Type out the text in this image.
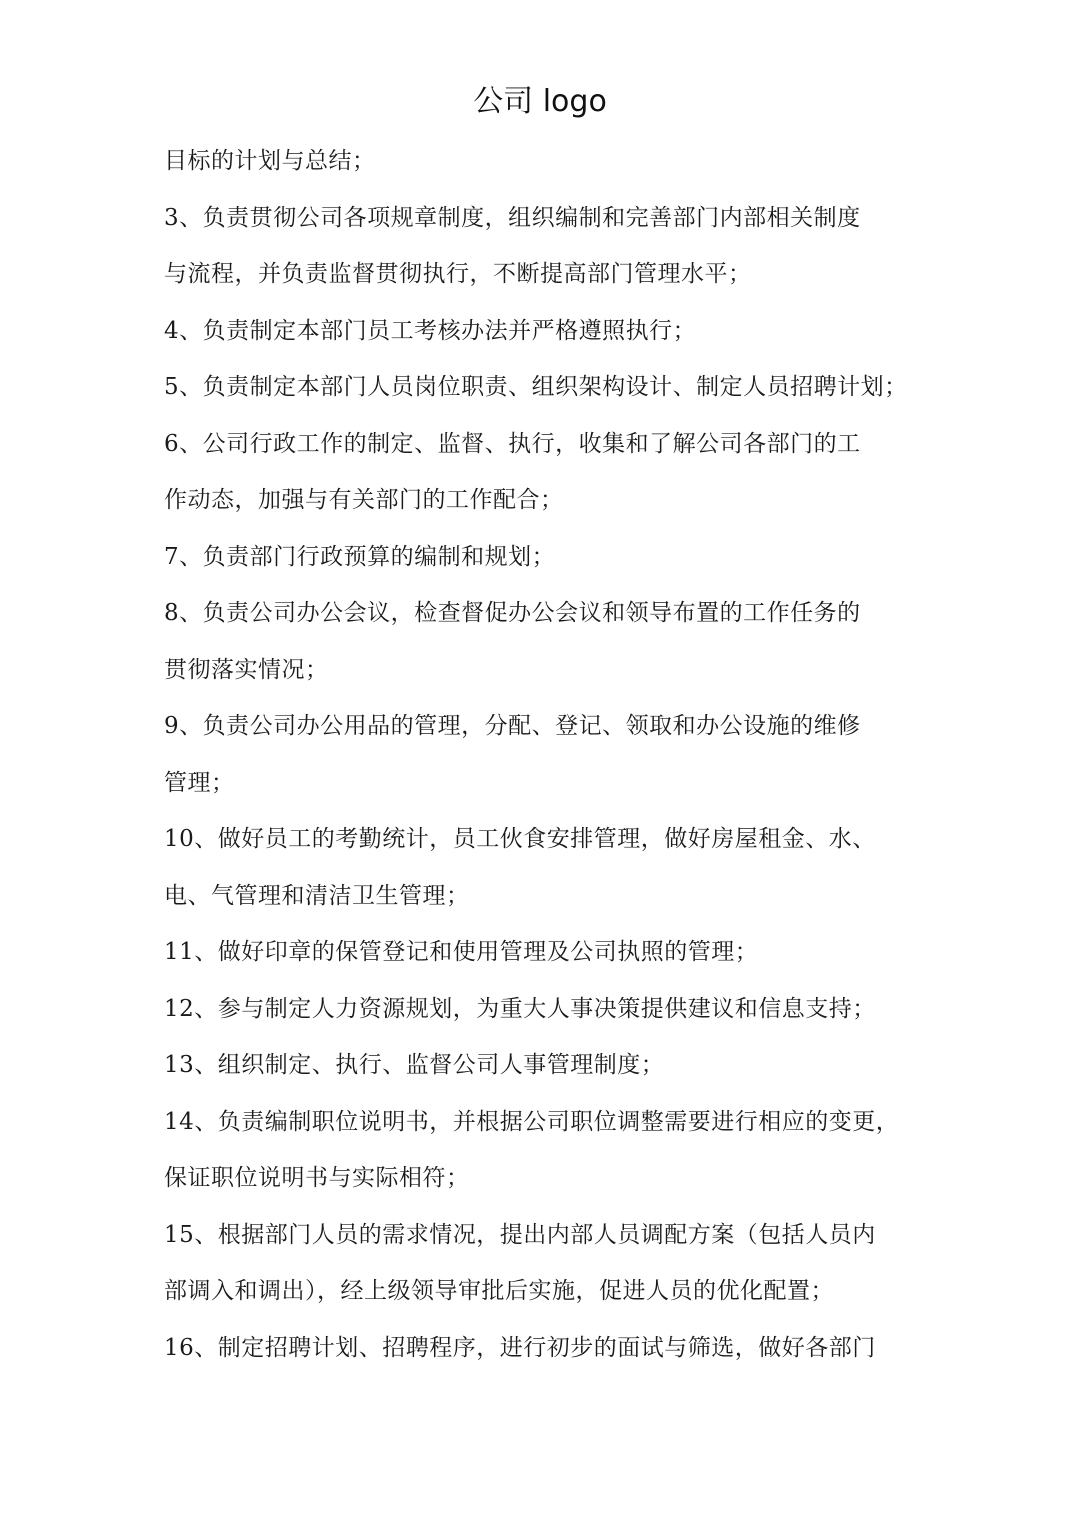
公司 logo

目标的计划与总结；

3、负责贯彻公司各项规章制度，组织编制和完善部门内部相关制度

与流程，并负责监督贯彻执行，不断提高部门管理水平；

4、负责制定本部门员工考核办法并严格遵照执行；

5、负责制定本部门人员岗位职责、组织架构设计、制定人员招聘计划；

6、公司行政工作的制定、监督、执行，收集和了解公司各部门的工

作动态，加强与有关部门的工作配合；

7、负责部门行政预算的编制和规划；

8、负责公司办公会议，检查督促办公会议和领导布置的工作任务的

贯彻落实情况；

9、负责公司办公用品的管理，分配、登记、领取和办公设施的维修

管理；

10、做好员工的考勤统计，员工伙食安排管理，做好房屋租金、水、

电、气管理和清洁卫生管理；

11、做好印章的保管登记和使用管理及公司执照的管理；

12、参与制定人力资源规划，为重大人事决策提供建议和信息支持；

13、组织制定、执行、监督公司人事管理制度；

14、负责编制职位说明书，并根据公司职位调整需要进行相应的变更，

保证职位说明书与实际相符；

15、根据部门人员的需求情况，提出内部人员调配方案（包括人员内

部调入和调出），经上级领导审批后实施，促进人员的优化配置；

16、制定招聘计划、招聘程序，进行初步的面试与筛选，做好各部门
